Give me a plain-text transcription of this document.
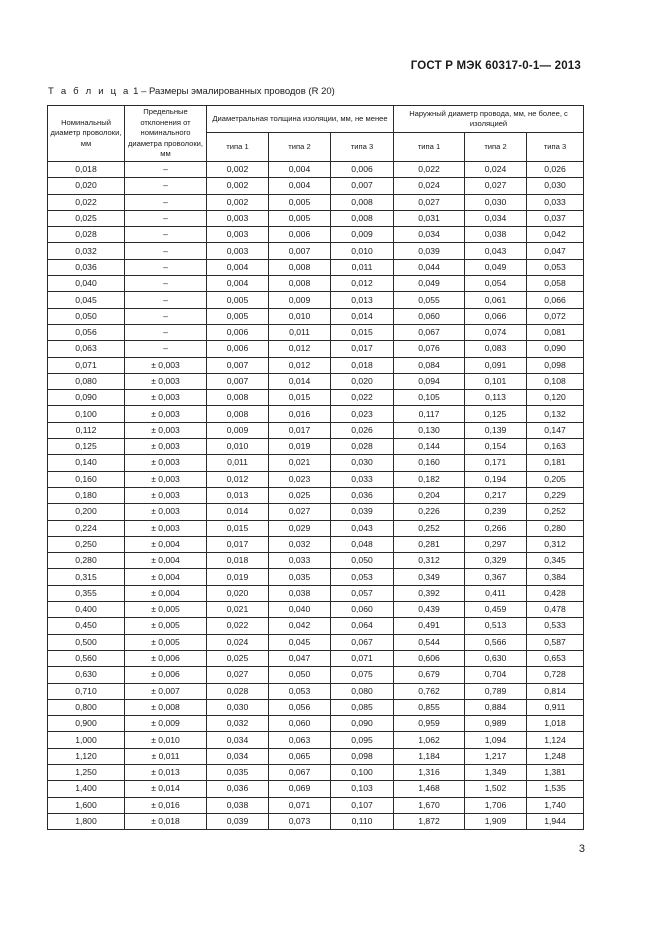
ГОСТ Р МЭК 60317-0-1— 2013
Т а б л и ц а 1 – Размеры эмалированных проводов (R 20)
Номинальный диаметр проволоки, мм	Предельные отклонения от номинального диаметра проволоки, мм	Диаметральная толщина изоляции, мм, не менее			Наружный диаметр провода, мм, не более, с изоляцией		
		типа 1	типа 2	типа 3	типа 1	типа 2	типа 3
0,018	–	0,002	0,004	0,006	0,022	0,024	0,026
0,020	–	0,002	0,004	0,007	0,024	0,027	0,030
0,022	–	0,002	0,005	0,008	0,027	0,030	0,033
0,025	–	0,003	0,005	0,008	0,031	0,034	0,037
0,028	–	0,003	0,006	0,009	0,034	0,038	0,042
0,032	–	0,003	0,007	0,010	0,039	0,043	0,047
0,036	–	0,004	0,008	0,011	0,044	0,049	0,053
0,040	–	0,004	0,008	0,012	0,049	0,054	0,058
0,045	–	0,005	0,009	0,013	0,055	0,061	0,066
0,050	–	0,005	0,010	0,014	0,060	0,066	0,072
0,056	–	0,006	0,011	0,015	0,067	0,074	0,081
0,063	–	0,006	0,012	0,017	0,076	0,083	0,090
0,071	± 0,003	0,007	0,012	0,018	0,084	0,091	0,098
0,080	± 0,003	0,007	0,014	0,020	0,094	0,101	0,108
0,090	± 0,003	0,008	0,015	0,022	0,105	0,113	0,120
0,100	± 0,003	0,008	0,016	0,023	0,117	0,125	0,132
0,112	± 0,003	0,009	0,017	0,026	0,130	0,139	0,147
0,125	± 0,003	0,010	0,019	0,028	0,144	0,154	0,163
0,140	± 0,003	0,011	0,021	0,030	0,160	0,171	0,181
0,160	± 0,003	0,012	0,023	0,033	0,182	0,194	0,205
0,180	± 0,003	0,013	0,025	0,036	0,204	0,217	0,229
0,200	± 0,003	0,014	0,027	0,039	0,226	0,239	0,252
0,224	± 0,003	0,015	0,029	0,043	0,252	0,266	0,280
0,250	± 0,004	0,017	0,032	0,048	0,281	0,297	0,312
0,280	± 0,004	0,018	0,033	0,050	0,312	0,329	0,345
0,315	± 0,004	0,019	0,035	0,053	0,349	0,367	0,384
0,355	± 0,004	0,020	0,038	0,057	0,392	0,411	0,428
0,400	± 0,005	0,021	0,040	0,060	0,439	0,459	0,478
0,450	± 0,005	0,022	0,042	0,064	0,491	0,513	0,533
0,500	± 0,005	0,024	0,045	0,067	0,544	0,566	0,587
0,560	± 0,006	0,025	0,047	0,071	0,606	0,630	0,653
0,630	± 0,006	0,027	0,050	0,075	0,679	0,704	0,728
0,710	± 0,007	0,028	0,053	0,080	0,762	0,789	0,814
0,800	± 0,008	0,030	0,056	0,085	0,855	0,884	0,911
0,900	± 0,009	0,032	0,060	0,090	0,959	0,989	1,018
1,000	± 0,010	0,034	0,063	0,095	1,062	1,094	1,124
1,120	± 0,011	0,034	0,065	0,098	1,184	1,217	1,248
1,250	± 0,013	0,035	0,067	0,100	1,316	1,349	1,381
1,400	± 0,014	0,036	0,069	0,103	1,468	1,502	1,535
1,600	± 0,016	0,038	0,071	0,107	1,670	1,706	1,740
1,800	± 0,018	0,039	0,073	0,110	1,872	1,909	1,944
3
